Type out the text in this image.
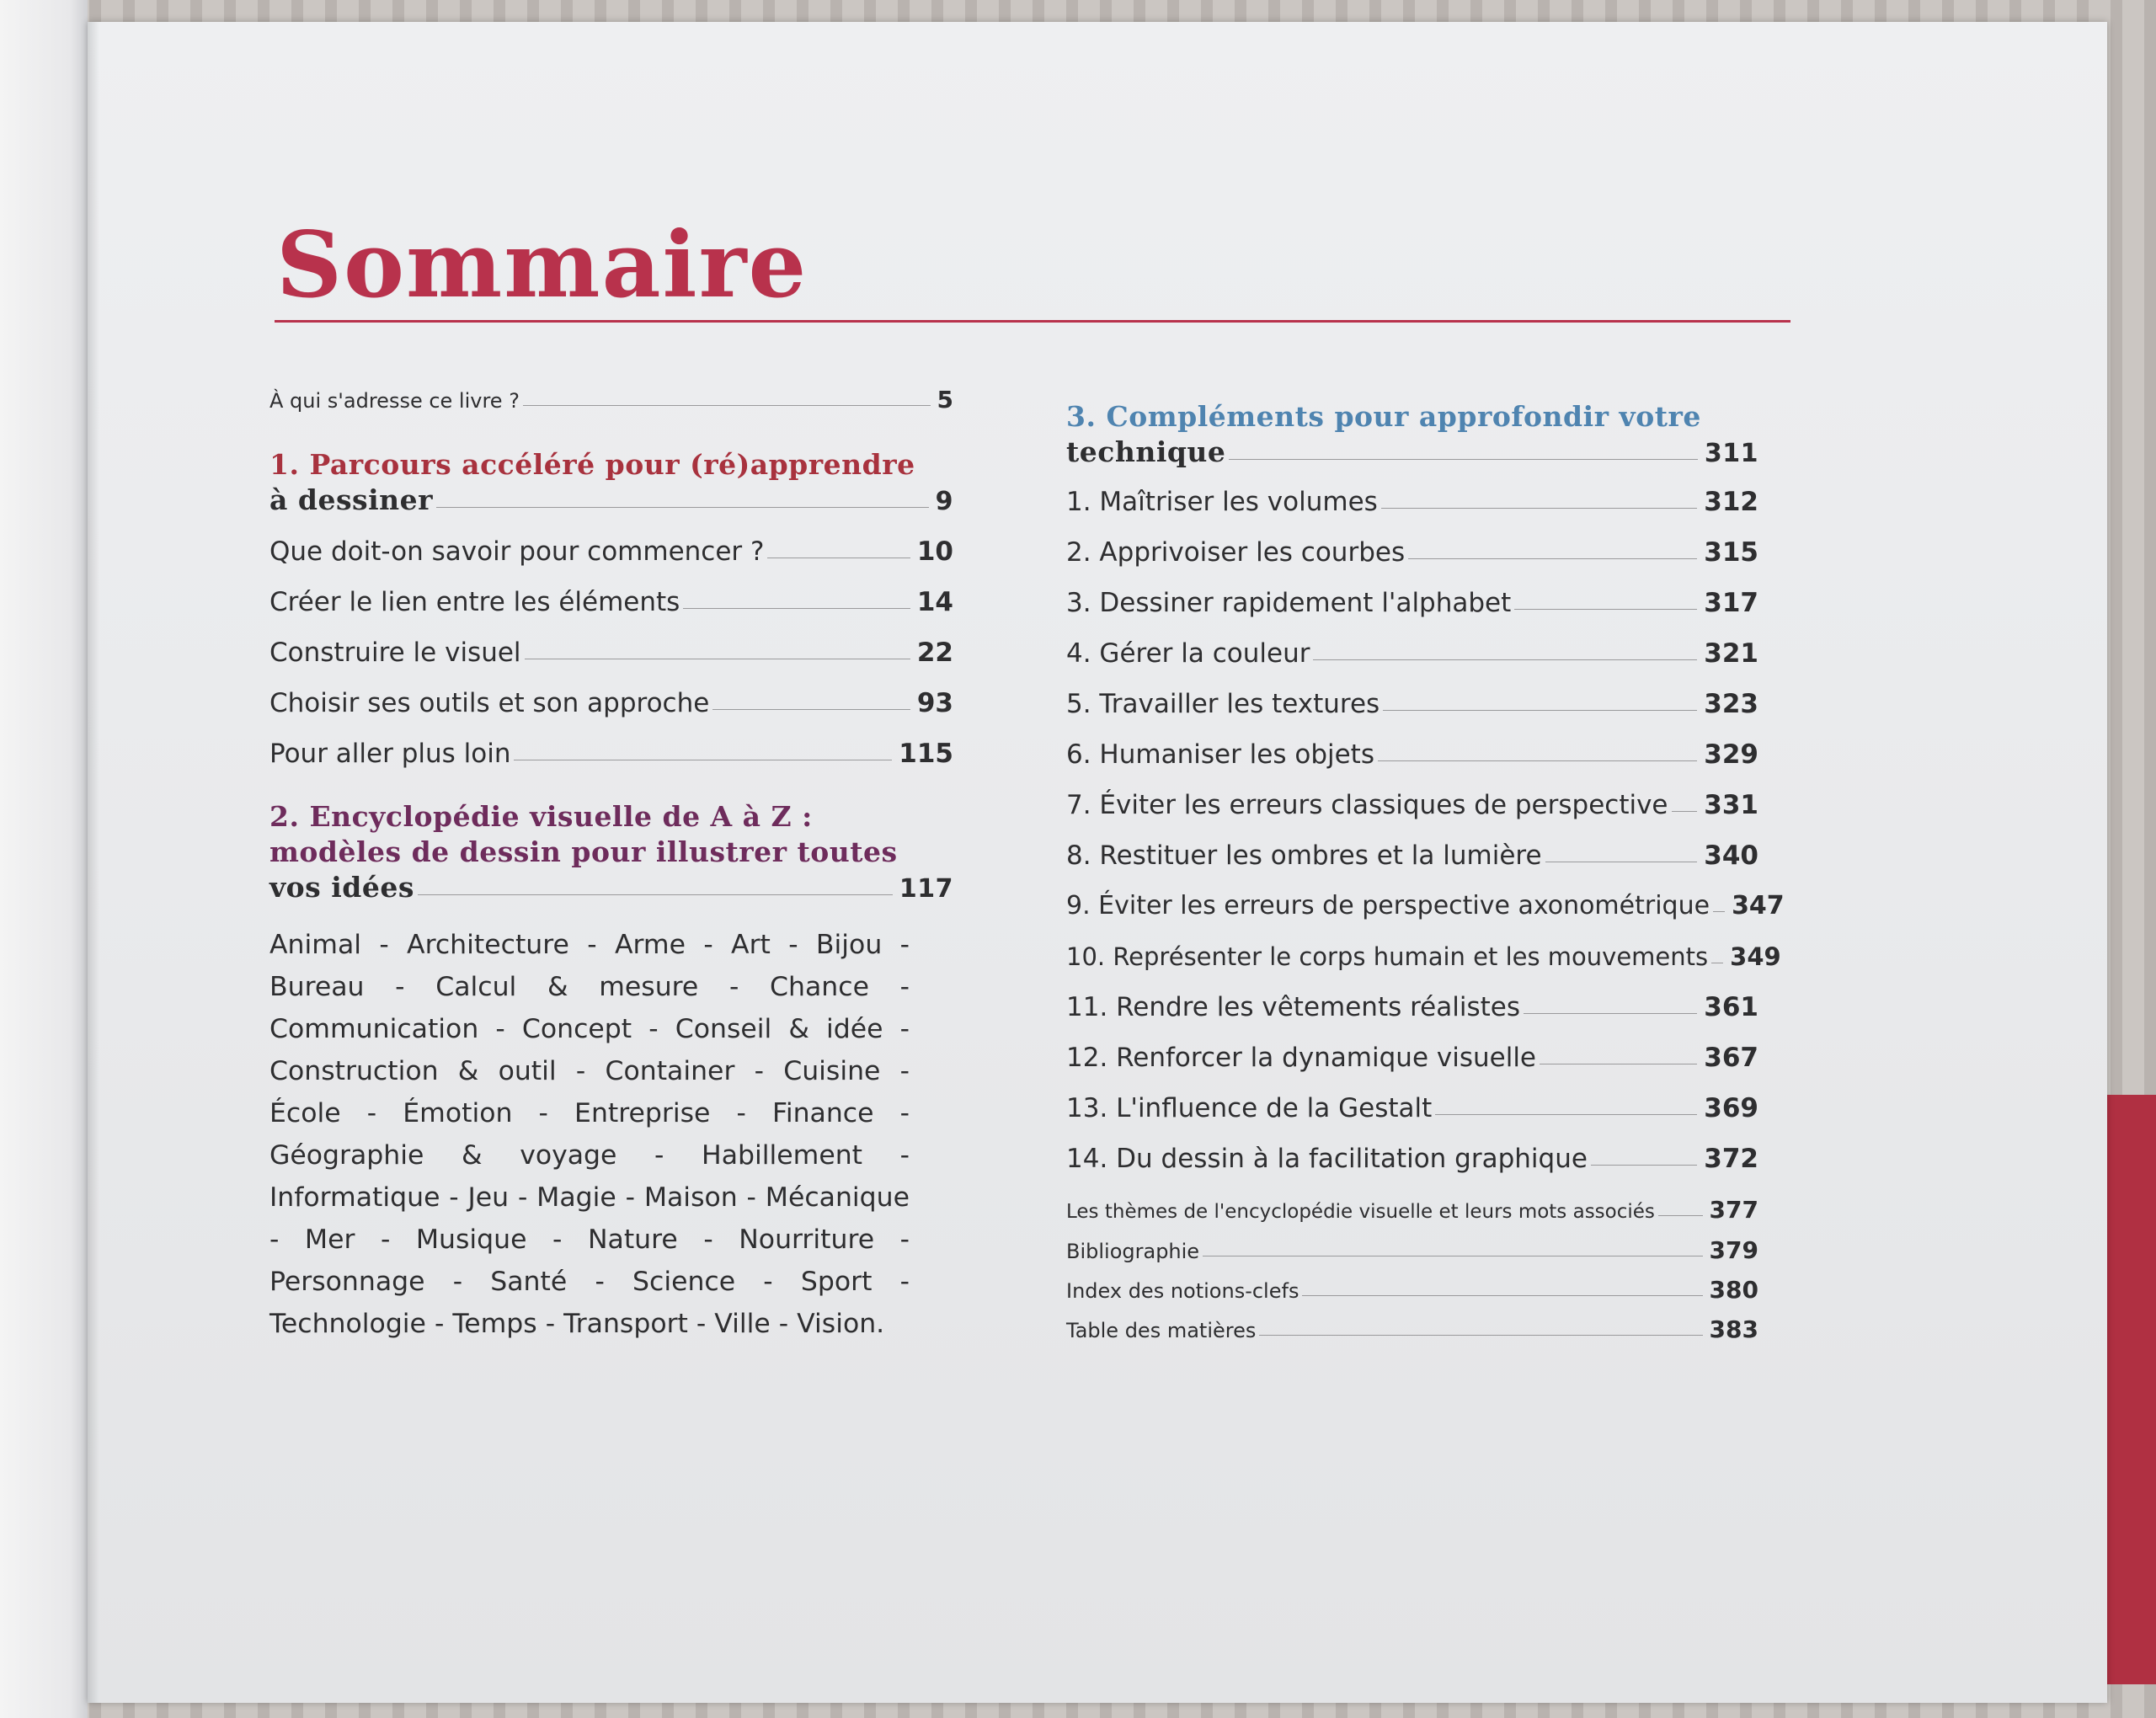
Sommaire
À qui s'adresse ce livre ?	5
1. Parcours accéléré pour (ré)apprendre
à dessiner	9
Que doit-on savoir pour commencer ?	10
Créer le lien entre les éléments	14
Construire le visuel	22
Choisir ses outils et son approche	93
Pour aller plus loin	115
2. Encyclopédie visuelle de A à Z :
modèles de dessin pour illustrer toutes
vos idées	117
Animal - Architecture - Arme - Art - Bijou - Bureau - Calcul & mesure - Chance - Communication - Concept - Conseil & idée - Construction & outil - Container - Cuisine - École - Émotion - Entreprise - Finance - Géographie & voyage - Habillement - Informatique - Jeu - Magie - Maison - Mécanique - Mer - Musique - Nature - Nourriture - Personnage - Santé - Science - Sport - Technologie - Temps - Transport - Ville - Vision.
3. Compléments pour approfondir votre
technique	311
1. Maîtriser les volumes	312
2. Apprivoiser les courbes	315
3. Dessiner rapidement l'alphabet	317
4. Gérer la couleur	321
5. Travailler les textures	323
6. Humaniser les objets	329
7. Éviter les erreurs classiques de perspective 331
8. Restituer les ombres et la lumière	340
9. Éviter les erreurs de perspective axonométrique 347
10. Représenter le corps humain et les mouvements 349
11. Rendre les vêtements réalistes	361
12. Renforcer la dynamique visuelle	367
13. L'influence de la Gestalt	369
14. Du dessin à la facilitation graphique	372
Les thèmes de l'encyclopédie visuelle et leurs mots associés 377
Bibliographie	379
Index des notions-clefs	380
Table des matières	383
